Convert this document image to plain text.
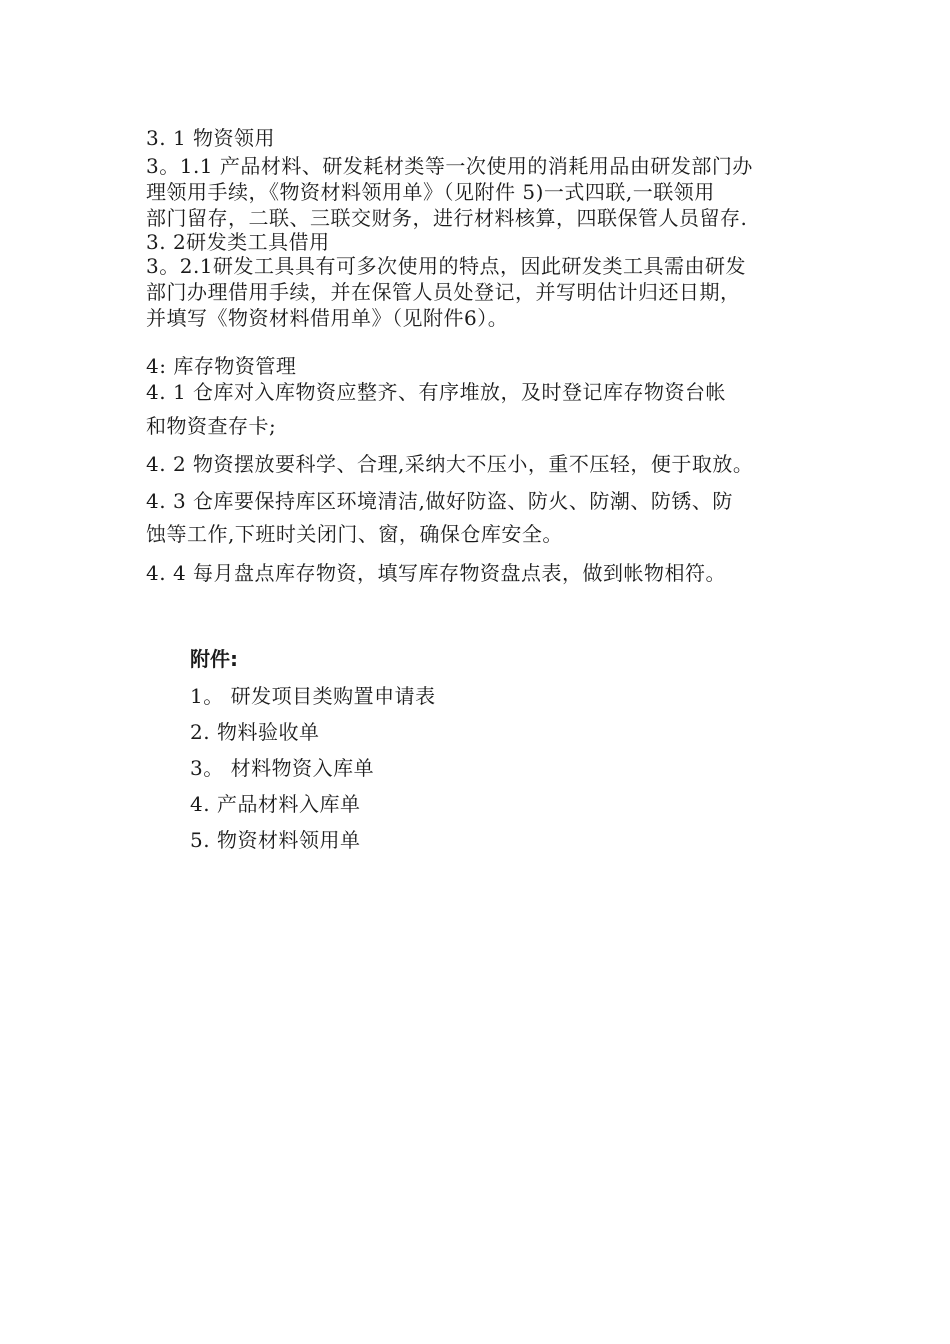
3. 1 物资领用
3。1.1 产品材料、研发耗材类等一次使用的消耗用品由研发部门办
理领用手续，《物资材料领用单》（见附件 5)一式四联,一联领用
部门留存，二联、三联交财务，进行材料核算，四联保管人员留存.
3. 2研发类工具借用
3。2.1研发工具具有可多次使用的特点，因此研发类工具需由研发
部门办理借用手续，并在保管人员处登记，并写明估计归还日期，
并填写《物资材料借用单》（见附件6）。
4: 库存物资管理
4. 1 仓库对入库物资应整齐、有序堆放，及时登记库存物资台帐
和物资查存卡;
4. 2 物资摆放要科学、合理,采纳大不压小，重不压轻，便于取放。
4. 3 仓库要保持库区环境清洁,做好防盗、防火、防潮、防锈、防
蚀等工作,下班时关闭门、窗，确保仓库安全。
4. 4 每月盘点库存物资，填写库存物资盘点表，做到帐物相符。
附件:
1。 研发项目类购置申请表
2. 物料验收单
3。 材料物资入库单
4. 产品材料入库单
5. 物资材料领用单
